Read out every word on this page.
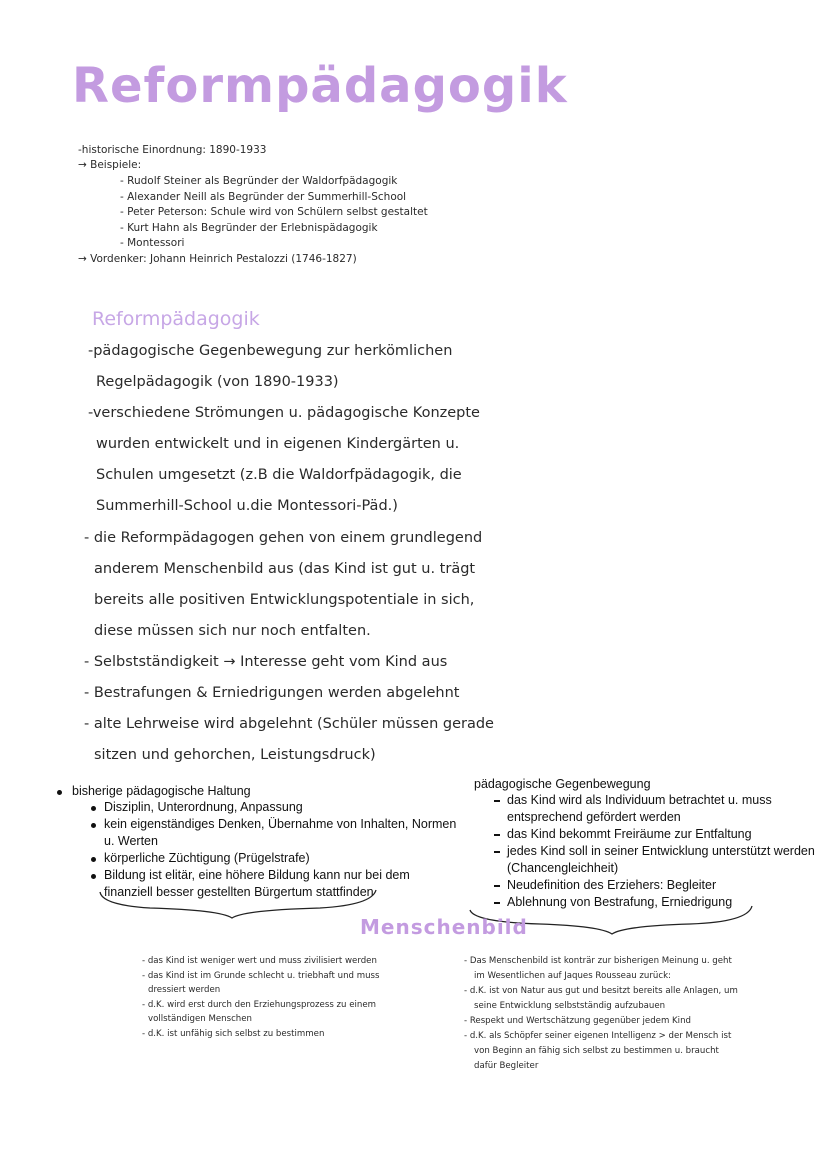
Reformpädagogik
-historische Einordnung: 1890-1933
→ Beispiele:
- Rudolf Steiner als Begründer der Waldorfpädagogik
- Alexander Neill als Begründer der Summerhill-School
- Peter Peterson: Schule wird von Schülern selbst gestaltet
- Kurt Hahn als Begründer der Erlebnispädagogik
- Montessori
→ Vordenker: Johann Heinrich Pestalozzi (1746-1827)
Reformpädagogik
-pädagogische Gegenbewegung zur herkömlichen
Regelpädagogik (von 1890-1933)
-verschiedene Strömungen u. pädagogische Konzepte
wurden entwickelt und in eigenen Kindergärten u.
Schulen umgesetzt (z.B die Waldorfpädagogik, die
Summerhill-School u.die Montessori-Päd.)
- die Reformpädagogen gehen von einem grundlegend
anderem Menschenbild aus (das Kind ist gut u. trägt
bereits alle positiven Entwicklungspotentiale in sich,
diese müssen sich nur noch entfalten.
- Selbstständigkeit → Interesse geht vom Kind aus
- Bestrafungen & Erniedrigungen werden abgelehnt
- alte Lehrweise wird abgelehnt (Schüler müssen gerade
sitzen und gehorchen, Leistungsdruck)
bisherige pädagogische Haltung
Disziplin, Unterordnung, Anpassung
kein eigenständiges Denken, Übernahme von Inhalten, Normen
u. Werten
körperliche Züchtigung (Prügelstrafe)
Bildung ist elitär, eine höhere Bildung kann nur bei dem
finanziell besser gestellten Bürgertum stattfinden
pädagogische Gegenbewegung
das Kind wird als Individuum betrachtet u. muss
entsprechend gefördert werden
das Kind bekommt Freiräume zur Entfaltung
jedes Kind soll in seiner Entwicklung unterstützt werden
(Chancengleichheit)
Neudefinition des Erziehers: Begleiter
Ablehnung von Bestrafung, Erniedrigung
Menschenbild
- das Kind ist weniger wert und muss zivilisiert werden
- das Kind ist im Grunde schlecht u. triebhaft und muss
dressiert werden
- d.K. wird erst durch den Erziehungsprozess zu einem
vollständigen Menschen
- d.K. ist unfähig sich selbst zu bestimmen
- Das Menschenbild ist konträr zur bisherigen Meinung u. geht
im Wesentlichen auf Jaques Rousseau zurück:
- d.K. ist von Natur aus gut und besitzt bereits alle Anlagen, um
seine Entwicklung selbstständig aufzubauen
- Respekt und Wertschätzung gegenüber jedem Kind
- d.K. als Schöpfer seiner eigenen Intelligenz > der Mensch ist
von Beginn an fähig sich selbst zu bestimmen u. braucht
dafür Begleiter
